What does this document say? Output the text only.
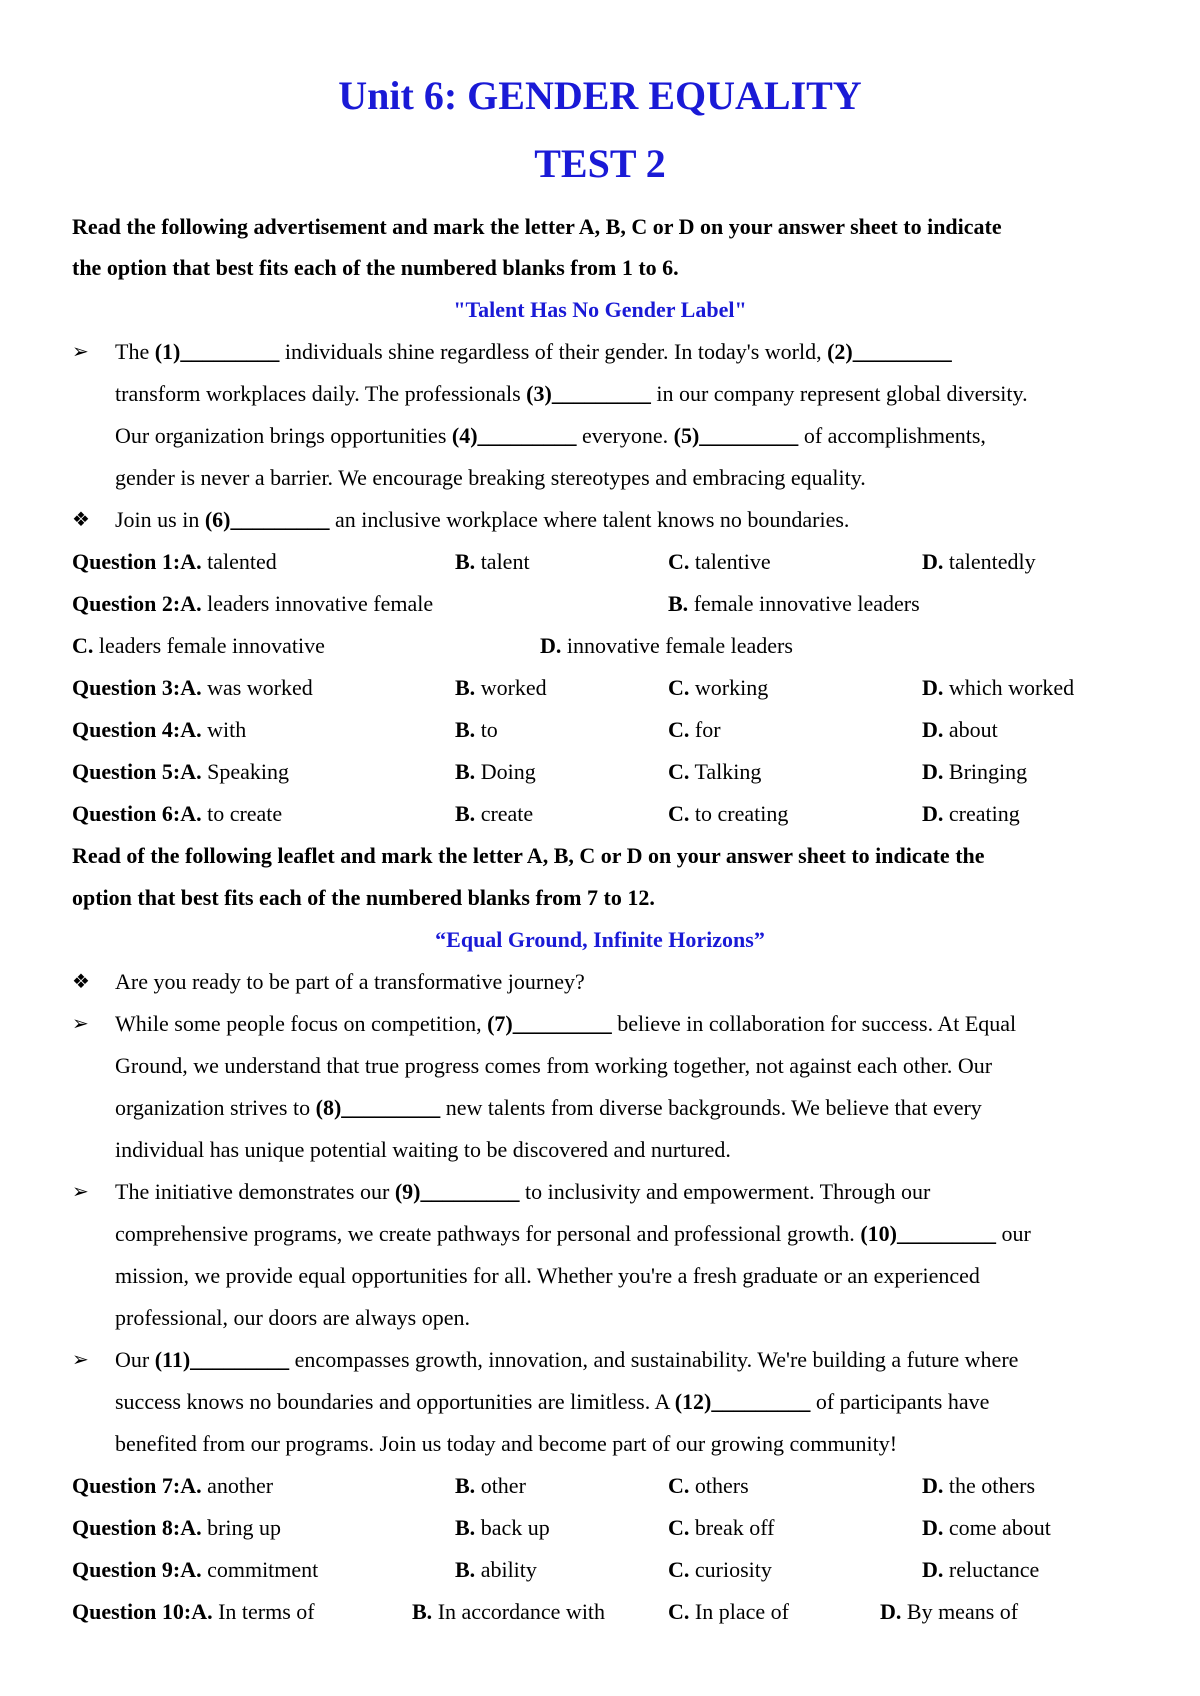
Unit 6: GENDER EQUALITY
TEST 2
Read the following advertisement and mark the letter A, B, C or D on your answer sheet to indicate
the option that best fits each of the numbered blanks from 1 to 6.
"Talent Has No Gender Label"
➢	The (1)_________ individuals shine regardless of their gender. In today's world, (2)_________
transform workplaces daily. The professionals (3)_________ in our company represent global diversity.
Our organization brings opportunities (4)_________ everyone. (5)_________ of accomplishments,
gender is never a barrier. We encourage breaking stereotypes and embracing equality.
❖	Join us in (6)_________ an inclusive workplace where talent knows no boundaries.
Question 1:A. talented	B. talent	C. talentive	D. talentedly
Question 2:A. leaders innovative female	B. female innovative leaders
C. leaders female innovative	D. innovative female leaders
Question 3:A. was worked	B. worked	C. working	D. which worked
Question 4:A. with	B. to	C. for	D. about
Question 5:A. Speaking	B. Doing	C. Talking	D. Bringing
Question 6:A. to create	B. create	C. to creating	D. creating
Read of the following leaflet and mark the letter A, B, C or D on your answer sheet to indicate the
option that best fits each of the numbered blanks from 7 to 12.
“Equal Ground, Infinite Horizons”
❖	Are you ready to be part of a transformative journey?
➢	While some people focus on competition, (7)_________ believe in collaboration for success. At Equal
Ground, we understand that true progress comes from working together, not against each other. Our
organization strives to (8)_________ new talents from diverse backgrounds. We believe that every
individual has unique potential waiting to be discovered and nurtured.
➢	The initiative demonstrates our (9)_________ to inclusivity and empowerment. Through our
comprehensive programs, we create pathways for personal and professional growth. (10)_________ our
mission, we provide equal opportunities for all. Whether you're a fresh graduate or an experienced
professional, our doors are always open.
➢	Our (11)_________ encompasses growth, innovation, and sustainability. We're building a future where
success knows no boundaries and opportunities are limitless. A (12)_________ of participants have
benefited from our programs. Join us today and become part of our growing community!
Question 7:A. another	B. other	C. others	D. the others
Question 8:A. bring up	B. back up	C. break off	D. come about
Question 9:A. commitment	B. ability	C. curiosity	D. reluctance
Question 10:A. In terms of	B. In accordance with	C. In place of	D. By means of
